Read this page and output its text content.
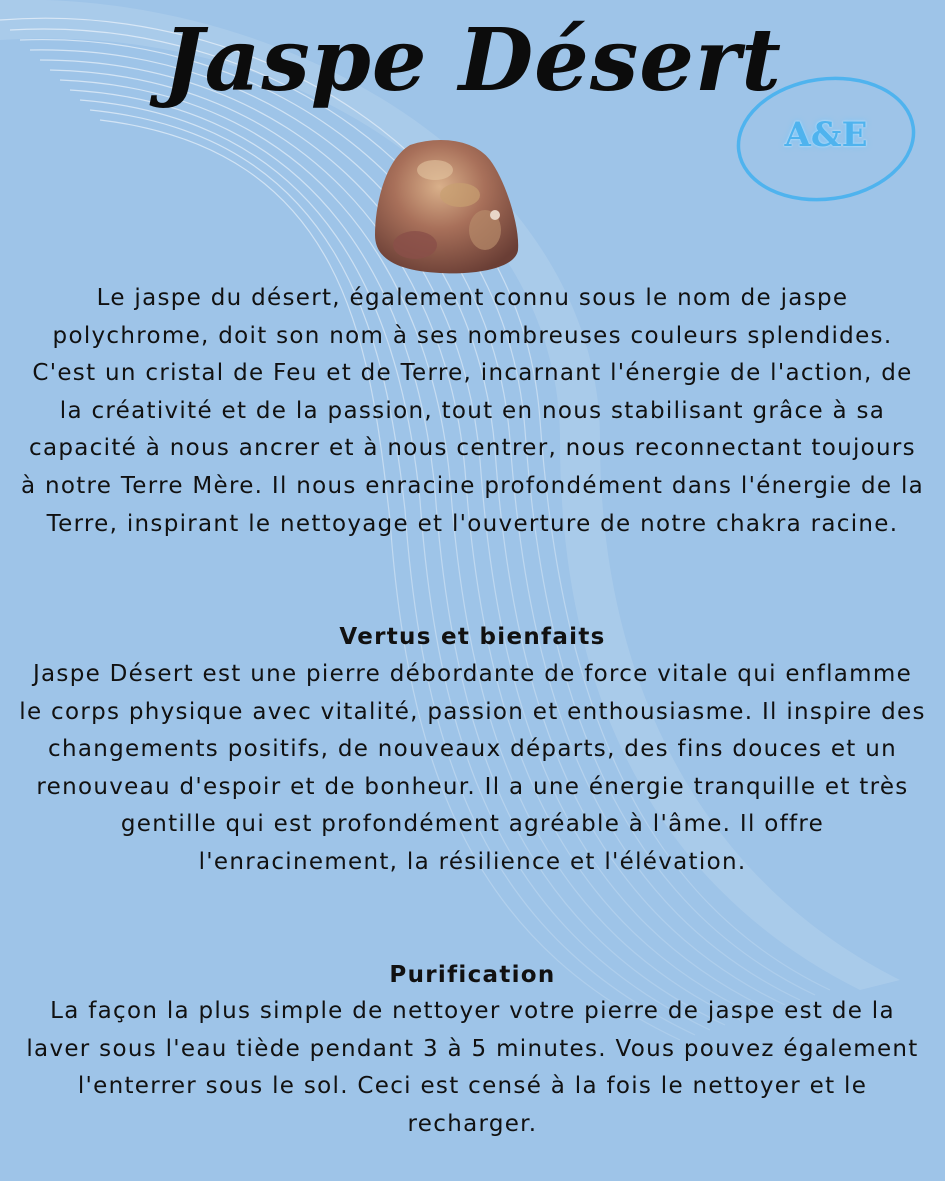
Jaspe Désert
A&E
Le jaspe du désert, également connu sous le nom de jaspe polychrome, doit son nom à ses nombreuses couleurs splendides. C'est un cristal de Feu et de Terre, incarnant l'énergie de l'action, de la créativité et de la passion, tout en nous stabilisant grâce à sa capacité à nous ancrer et à nous centrer, nous reconnectant toujours à notre Terre Mère. Il nous enracine profondément dans l'énergie de la Terre, inspirant le nettoyage et l'ouverture de notre chakra racine.
Vertus et bienfaits
Jaspe Désert est une pierre débordante de force vitale qui enflamme le corps physique avec vitalité, passion et enthousiasme. Il inspire des changements positifs, de nouveaux départs, des fins douces et un renouveau d'espoir et de bonheur. Il a une énergie tranquille et très gentille qui est profondément agréable à l'âme. Il offre l'enracinement, la résilience et l'élévation.
Purification
La façon la plus simple de nettoyer votre pierre de jaspe est de la laver sous l'eau tiède pendant 3 à 5 minutes. Vous pouvez également l'enterrer sous le sol. Ceci est censé à la fois le nettoyer et le recharger.
